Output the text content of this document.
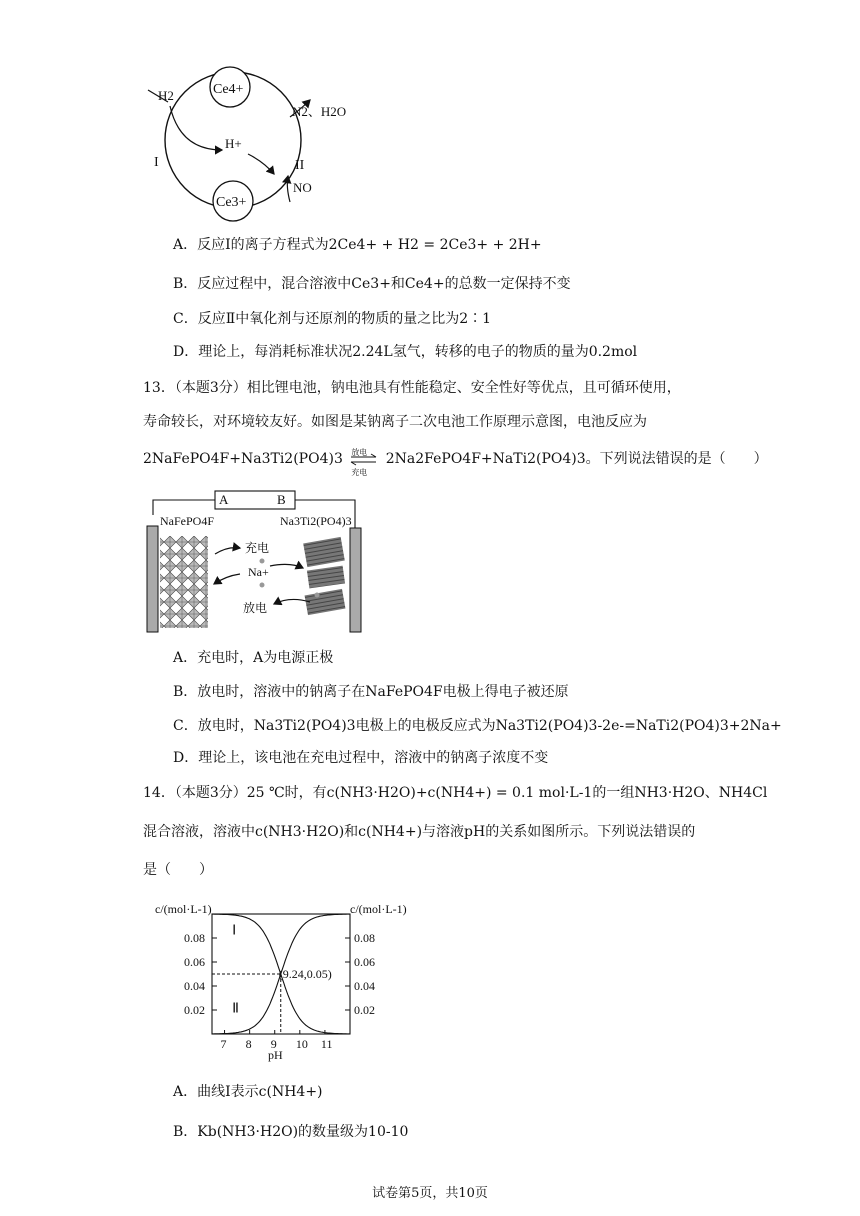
Ce4+
Ce3+
H2
H+
N2、H2O
NO
I	II
A．反应Ⅰ的离子方程式为2Ce4+ + H2 = 2Ce3+ + 2H+
B．反应过程中，混合溶液中Ce3+和Ce4+的总数一定保持不变
C．反应Ⅱ中氧化剂与还原剂的物质的量之比为2∶1
D．理论上，每消耗标准状况2.24L氢气，转移的电子的物质的量为0.2mol
13．（本题3分）相比锂电池，钠电池具有性能稳定、安全性好等优点，且可循环使用，
寿命较长，对环境较友好。如图是某钠离子二次电池工作原理示意图，电池反应为
2NaFePO4F+Na3Ti2(PO4)3 放电
充电
2Na2FePO4F+NaTi2(PO4)3。下列说法错误的是（　　）
A	B
NaFePO4F	Na3Ti2(PO4)3
充电
Na+
放电
A．充电时，A为电源正极
B．放电时，溶液中的钠离子在NaFePO4F电极上得电子被还原
C．放电时，Na3Ti2(PO4)3电极上的电极反应式为Na3Ti2(PO4)3-2e-=NaTi2(PO4)3+2Na+
D．理论上，该电池在充电过程中，溶液中的钠离子浓度不变
14．（本题3分）25 ℃时，有c(NH3·H2O)+c(NH4+) = 0.1 mol·L-1的一组NH3·H2O、NH4Cl
混合溶液，溶液中c(NH3·H2O)和c(NH4+)与溶液pH的关系如图所示。下列说法错误的
是（　　）
c/(mol·L-1)	c/(mol·L-1)
pH
0.02	0.02
0.04	0.04
0.06	0.06
0.08	0.08
7 8 9 10 11
(9.24,0.05)
Ⅰ
Ⅱ
A．曲线Ⅰ表示c(NH4+)
B．Kb(NH3·H2O)的数量级为10-10
试卷第5页，共10页
